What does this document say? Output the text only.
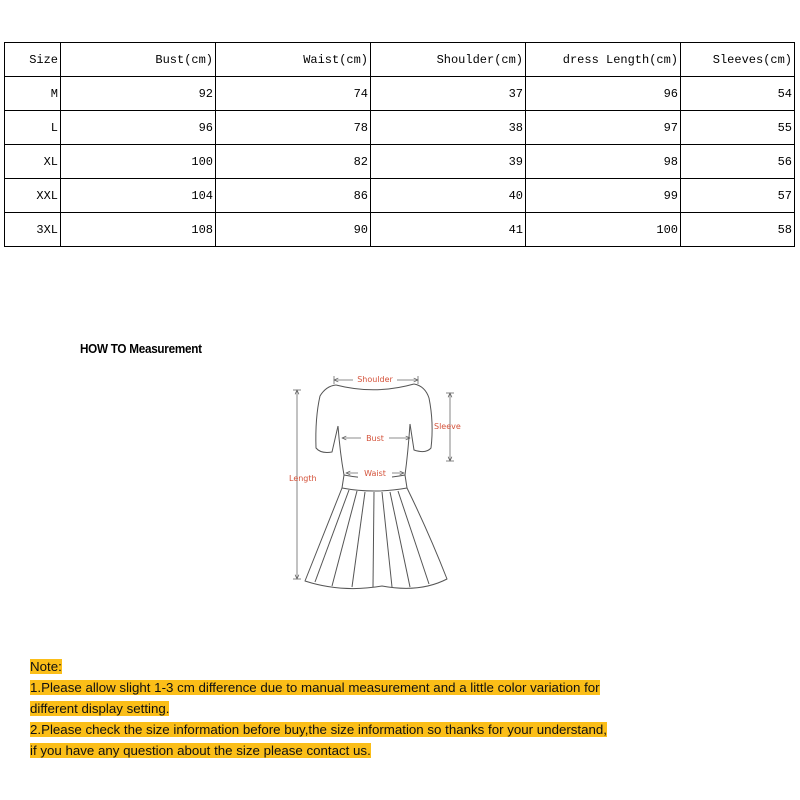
Size	Bust(cm)	Waist(cm)	Shoulder(cm)	dress Length(cm)	Sleeves(cm)
M	92	74	37	96	54
L	96	78	38	97	55
XL	100	82	39	98	56
XXL	104	86	40	99	57
3XL	108	90	41	100	58
HOW TO Measurement
Shoulder
Bust
Waist
Sleeve
Length
Note:
1.Please allow slight 1-3 cm difference due to manual measurement and a little color variation for
different display setting.
2.Please check the size information before buy,the size information so thanks for your understand,
if you have any question about the size please contact us.
